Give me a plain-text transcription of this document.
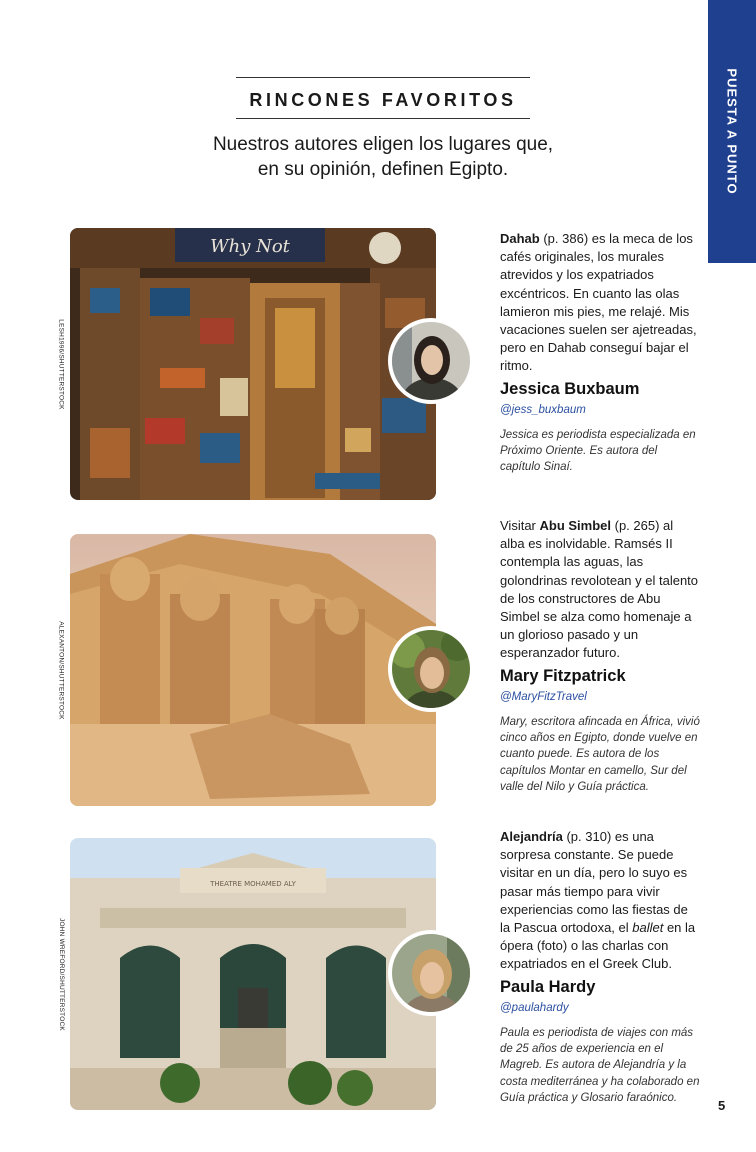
PUESTA A PUNTO
RINCONES FAVORITOS
Nuestros autores eligen los lugares que,
en su opinión, definen Egipto.
LESH1996/SHUTTERSTOCK
Why Not	Dahab (p. 386) es la meca de los cafés originales, los murales atrevidos y los expatriados excéntricos. En cuanto las olas lamieron mis pies, me relajé. Mis vacaciones suelen ser ajetreadas, pero en Dahab conseguí bajar el ritmo.
Jessica Buxbaum
@jess_buxbaum
Jessica es periodista especializada en Próximo Oriente. Es autora del capítulo Sinaí.
ALEXANTON/SHUTTERSTOCK
Visitar Abu Simbel (p. 265) al alba es inolvidable. Ramsés II contempla las aguas, las golondrinas revolotean y el talento de los constructores de Abu Simbel se alza como homenaje a un glorioso pasado y un esperanzador futuro.
Mary Fitzpatrick
@MaryFitzTravel
Mary, escritora afincada en África, vivió cinco años en Egipto, donde vuelve en cuanto puede. Es autora de los capítulos Montar en camello, Sur del valle del Nilo y Guía práctica.
JOHN WREFORD/SHUTTERSTOCK
THEATRE MOHAMED ALY
Alejandría (p. 310) es una sorpresa constante. Se puede visitar en un día, pero lo suyo es pasar más tiempo para vivir experiencias como las fiestas de la Pascua ortodoxa, el ballet en la ópera (foto) o las charlas con expatriados en el Greek Club.
Paula Hardy
@paulahardy
Paula es periodista de viajes con más de 25 años de experiencia en el Magreb. Es autora de Alejandría y la costa mediterránea y ha colaborado en Guía práctica y Glosario faraónico.
5
